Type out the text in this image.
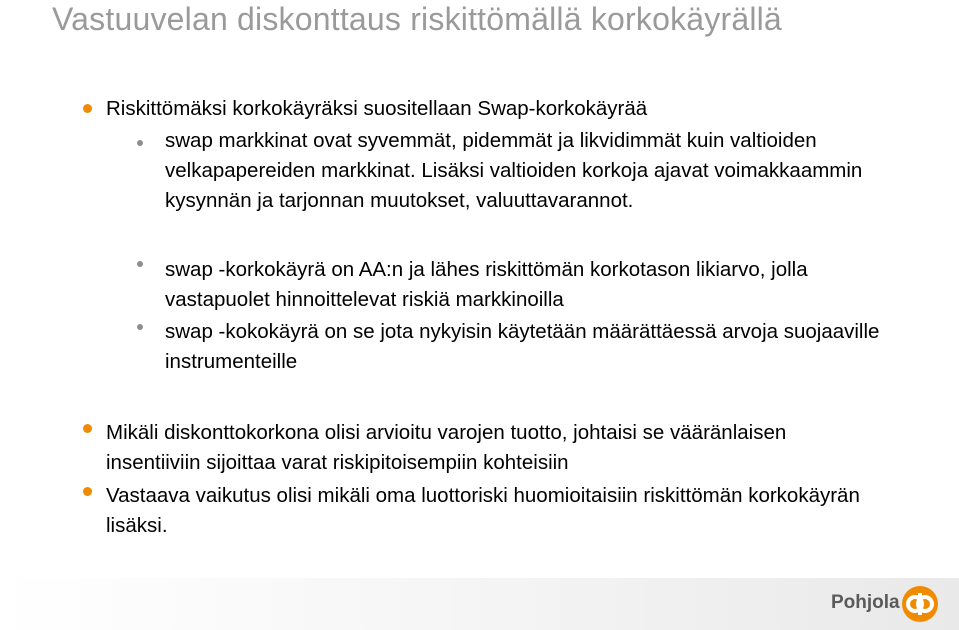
Vastuuvelan diskonttaus riskittömällä korkokäyrällä
Riskittömäksi korkokäyräksi suositellaan Swap-korkokäyrää
swap markkinat ovat syvemmät, pidemmät ja likvidimmät kuin valtioiden velkapapereiden markkinat. Lisäksi valtioiden korkoja ajavat voimakkaammin kysynnän ja tarjonnan muutokset, valuuttavarannot.
swap -korkokäyrä on AA:n ja lähes riskittömän korkotason likiarvo, jolla vastapuolet hinnoittelevat riskiä markkinoilla
swap -kokokäyrä on se jota nykyisin käytetään määrättäessä arvoja suojaaville instrumenteille
Mikäli diskonttokorkona olisi arvioitu varojen tuotto, johtaisi se vääränlaisen insentiiviin sijoittaa varat riskipitoisempiin kohteisiin
Vastaava vaikutus olisi mikäli oma luottoriski huomioitaisiin riskittömän korkokäyrän lisäksi.
Pohjola
